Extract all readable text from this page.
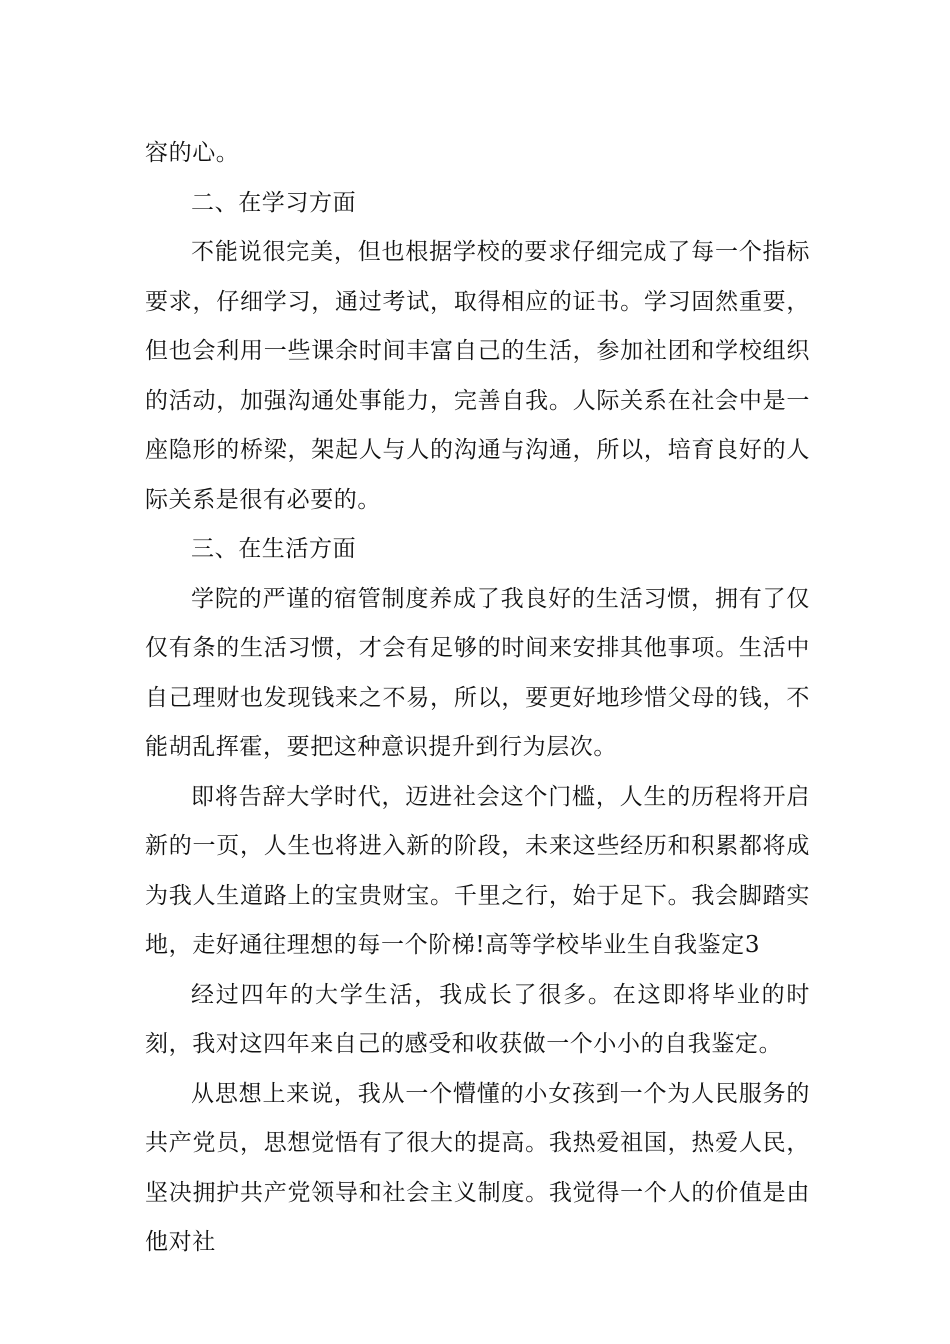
容的心。

二、在学习方面

不能说很完美，但也根据学校的要求仔细完成了每一个指标要求，仔细学习，通过考试，取得相应的证书。学习固然重要，但也会利用一些课余时间丰富自己的生活，参加社团和学校组织的活动，加强沟通处事能力，完善自我。人际关系在社会中是一座隐形的桥梁，架起人与人的沟通与沟通，所以，培育良好的人际关系是很有必要的。

三、在生活方面

学院的严谨的宿管制度养成了我良好的生活习惯，拥有了仅仅有条的生活习惯，才会有足够的时间来安排其他事项。生活中自己理财也发现钱来之不易，所以，要更好地珍惜父母的钱，不能胡乱挥霍，要把这种意识提升到行为层次。

即将告辞大学时代，迈进社会这个门槛，人生的历程将开启新的一页，人生也将进入新的阶段，未来这些经历和积累都将成为我人生道路上的宝贵财宝。千里之行，始于足下。我会脚踏实地，走好通往理想的每一个阶梯!高等学校毕业生自我鉴定3

经过四年的大学生活，我成长了很多。在这即将毕业的时刻，我对这四年来自己的感受和收获做一个小小的自我鉴定。

从思想上来说，我从一个懵懂的小女孩到一个为人民服务的共产党员，思想觉悟有了很大的提高。我热爱祖国，热爱人民，坚决拥护共产党领导和社会主义制度。我觉得一个人的价值是由他对社
